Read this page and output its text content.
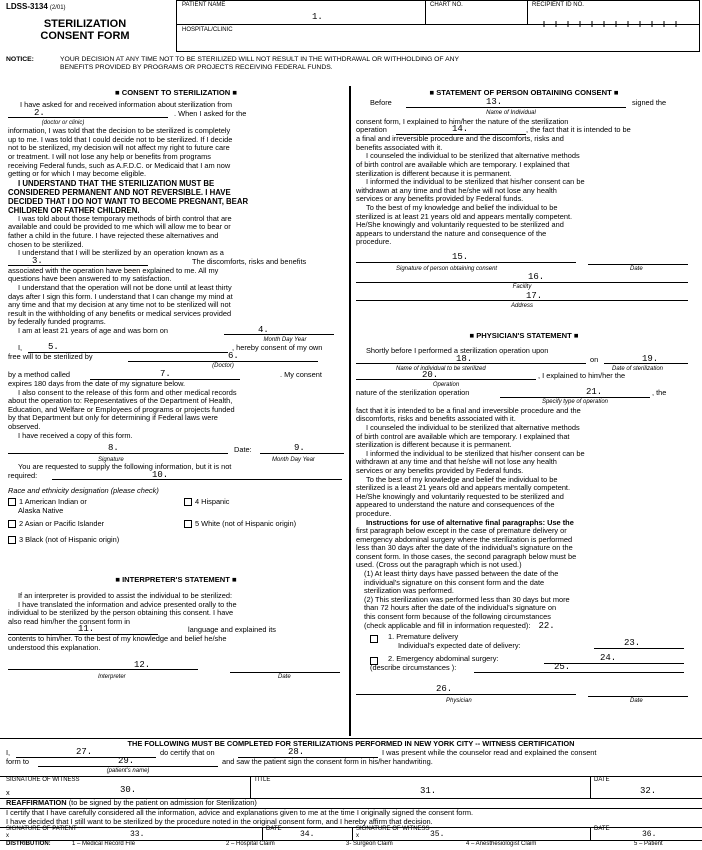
LDSS-3134 (2/01)
STERILIZATION
CONSENT FORM
PATIENT NAME
1.
CHART NO.	RECIPIENT ID NO.
HOSPITAL/CLINIC
NOTICE:	YOUR DECISION AT ANY TIME NOT TO BE STERILIZED WILL NOT RESULT IN THE WITHDRAWAL OR WITHHOLDING OF ANY
BENEFITS PROVIDED BY PROGRAMS OR PROJECTS RECEIVING FEDERAL FUNDS.
■ CONSENT TO STERILIZATION ■
I have asked for and received information about sterilization from
2.	. When I asked for the
(doctor or clinic)
information, I was told that the decision to be sterilized is completely
up to me. I was told that I could decide not to be sterilized. If I decide
not to be sterilized, my decision will not affect my right to future care
or treatment. I will not lose any help or benefits from programs
receiving Federal funds, such as A.F.D.C. or Medicaid that I am now
getting or for which I may become eligible.
I UNDERSTAND THAT THE STERILIZATION MUST BE
CONSIDERED PERMANENT AND NOT REVERSIBLE. I HAVE
DECIDED THAT I DO NOT WANT TO BECOME PREGNANT, BEAR
CHILDREN OR FATHER CHILDREN.
I was told about those temporary methods of birth control that are
available and could be provided to me which will allow me to bear or
father a child in the future. I have rejected these alternatives and
chosen to be sterilized.
I understand that I will be sterilized by an operation known as a
3.	The discomforts, risks and benefits
associated with the operation have been explained to me. All my
questions have been answered to my satisfaction.
I understand that the operation will not be done until at least thirty
days after I sign this form. I understand that I can change my mind at
any time and that my decision at any time not to be sterilized will not
result in the withholding of any benefits or medical services provided
by federally funded programs.
I am at least 21 years of age and was born on	4.
Month Day Year
I,	5.	, hereby consent of my own
free will to be sterilized by	6.
(Doctor)
by a method called	7.	. My consent
expires 180 days from the date of my signature below.
I also consent to the release of this form and other medical records
about the operation to: Representatives of the Department of Health,
Education, and Welfare or Employees of programs or projects funded
by that Department but only for determining if Federal laws were
observed.
I have received a copy of this form.
8.	Date:	9.
Signature	Month Day Year
You are requested to supply the following information, but it is not
required:	10.
Race and ethnicity designation (please check)
1 American Indian or
Alaska Native
4 Hispanic
2 Asian or Pacific Islander	5 White (not of Hispanic origin)
3 Black (not of Hispanic origin)
■ INTERPRETER'S STATEMENT ■
If an interpreter is provided to assist the individual to be sterilized:
I have translated the information and advice presented orally to the
individual to be sterilized by the person obtaining this consent. I have
also read him/her the consent form in
11.	language and explained its
contents to him/her. To the best of my knowledge and belief he/she
understood this explanation.
12.
Interpreter	Date
■ STATEMENT OF PERSON OBTAINING CONSENT ■
Before	13.	signed the
Name of Individual
consent form, I explained to him/her the nature of the sterilization
operation	14.	, the fact that it is intended to be
a final and irreversible procedure and the discomforts, risks and
benefits associated with it.
I counseled the individual to be sterilized that alternative methods
of birth control are available which are temporary. I explained that
sterilization is different because it is permanent.
I informed the individual to be sterilized that his/her consent can be
withdrawn at any time and that he/she will not lose any health
services or any benefits provided by Federal funds.
To the best of my knowledge and belief the individual to be
sterilized is at least 21 years old and appears mentally competent.
He/She knowingly and voluntarily requested to be sterilized and
appears to understand the nature and consequence of the
procedure.
15.
Signature of person obtaining consent	Date
16.
Facility
17.
Address
■ PHYSICIAN'S STATEMENT ■
Shortly before I performed a sterilization operation upon
18.	on	19.
Name of individual to be sterilized	Date of sterilization
20.	, I explained to him/her the
Operation
nature of the sterilization operation	21.	, the
Specify type of operation
fact that it is intended to be a final and irreversible procedure and the
discomforts, risks and benefits associated with it.
I counseled the individual to be sterilized that alternative methods
of birth control are available which are temporary. I explained that
sterilization is different because it is permanent.
I informed the individual to be sterilized that his/her consent can be
withdrawn at any time and that he/she will not lose any health
services or any benefits provided by Federal funds.
To the best of my knowledge and belief the individual to be
sterilized is a least 21 years old and appears mentally competent.
He/She knowingly and voluntarily requested to be sterilized and
appeared to understand the nature and consequences of the
procedure.
Instructions for use of alternative final paragraphs: Use the
first paragraph below except in the case of premature delivery or
emergency abdominal surgery where the sterilization is performed
less than 30 days after the date of the individual's signature on the
consent form. In those cases, the second paragraph below must be
used. (Cross out the paragraph which is not used.)
(1) At least thirty days have passed between the date of the
individual's signature on this consent form and the date
sterilization was performed.
(2) This sterilization was performed less than 30 days but more
than 72 hours after the date of the individual's signature on
this consent form because of the following circumstances
(check applicable and fill in information requested): 22.
1. Premature delivery
Individual's expected date of delivery:	23.
2. Emergency abdominal surgery:	24.
(describe circumstances ):	25.
26.
Physician	Date
THE FOLLOWING MUST BE COMPLETED FOR STERILIZATIONS PERFORMED IN NEW YORK CITY -- WITNESS CERTIFICATION
I,	27.	do certify that on	28.	I was present while the counselor read and explained the consent
form to	29.	and saw the patient sign the consent form in his/her handwriting.
(patient's name)
SIGNATURE OF WITNESS	TITLE	DATE
x	30.	31.	32.
REAFFIRMATION (to be signed by the patient on admission for Sterilization)
I certify that I have carefully considered all the information, advice and explanations given to me at the time I originally signed the consent form.
I have decided that I still want to be sterilized by the procedure noted in the original consent form, and I hereby affirm that decision.
SIGNATURE OF PATIENT	DATE	SIGNATURE OF WITNESS	DATE
x	x
33.	34.	35.	36.
DISTRIBUTION:	1 – Medical Record File	2 – Hospital Claim	3- Surgeon Claim	4 – Anesthesiologist Claim	5 – Patient
